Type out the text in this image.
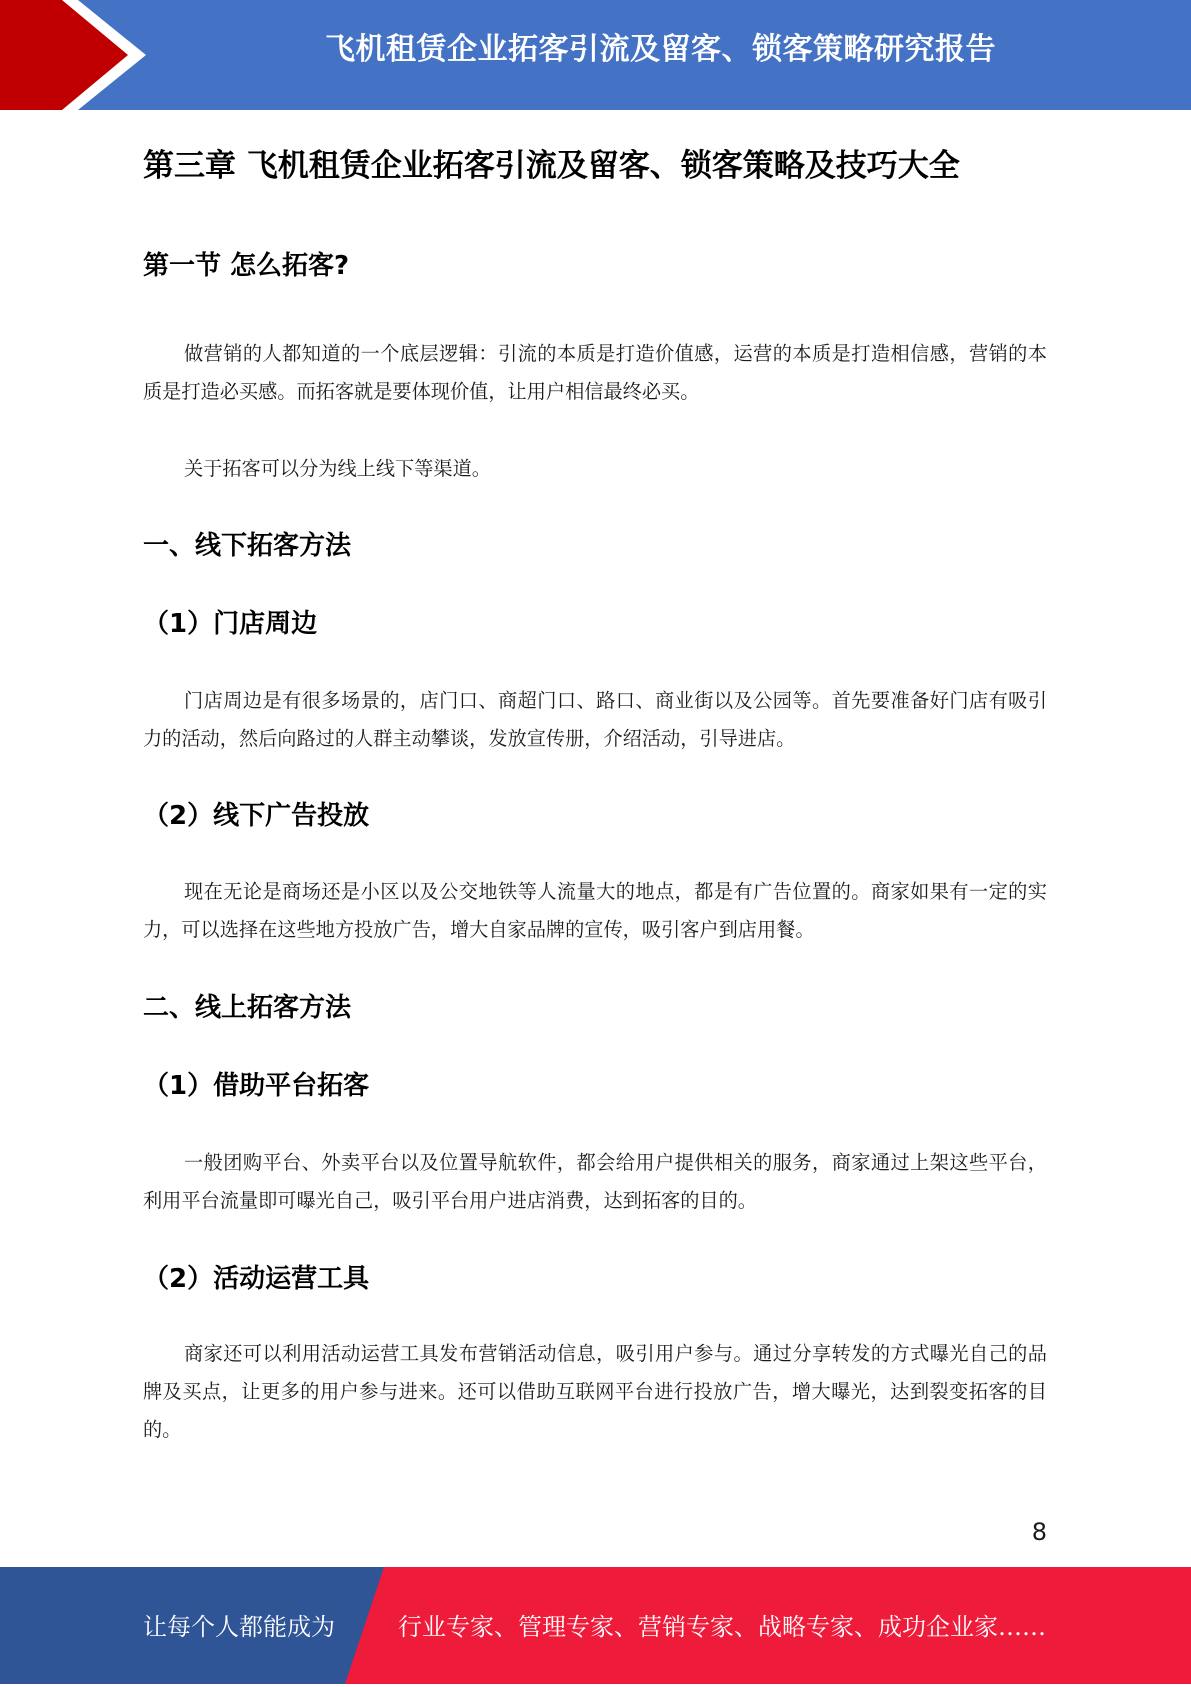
飞机租赁企业拓客引流及留客、锁客策略研究报告
第三章 飞机租赁企业拓客引流及留客、锁客策略及技巧大全
第一节 怎么拓客?

做营销的人都知道的一个底层逻辑：引流的本质是打造价值感，运营的本质是打造相信感，营销的本质是打造必买感。而拓客就是要体现价值，让用户相信最终必买。

关于拓客可以分为线上线下等渠道。

一、线下拓客方法
（1）门店周边

门店周边是有很多场景的，店门口、商超门口、路口、商业街以及公园等。首先要准备好门店有吸引力的活动，然后向路过的人群主动攀谈，发放宣传册，介绍活动，引导进店。

（2）线下广告投放

现在无论是商场还是小区以及公交地铁等人流量大的地点，都是有广告位置的。商家如果有一定的实力，可以选择在这些地方投放广告，增大自家品牌的宣传，吸引客户到店用餐。

二、线上拓客方法
（1）借助平台拓客

一般团购平台、外卖平台以及位置导航软件，都会给用户提供相关的服务，商家通过上架这些平台，利用平台流量即可曝光自己，吸引平台用户进店消费，达到拓客的目的。

（2）活动运营工具

商家还可以利用活动运营工具发布营销活动信息，吸引用户参与。通过分享转发的方式曝光自己的品牌及买点，让更多的用户参与进来。还可以借助互联网平台进行投放广告，增大曝光，达到裂变拓客的目的。

8
让每个人都能成为	行业专家、管理专家、营销专家、战略专家、成功企业家……
